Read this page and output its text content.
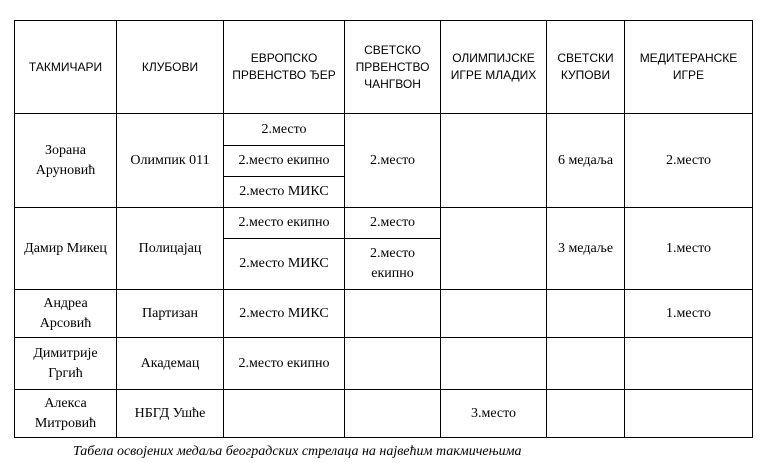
ТАКМИЧАРИ	КЛУБОВИ	ЕВРОПСКО ПРВЕНСТВО ЂЕР	СВЕТСКО ПРВЕНСТВО ЧАНГВОН	ОЛИМПИЈСКЕ ИГРЕ МЛАДИХ	СВЕТСКИ КУПОВИ	МЕДИТЕРАНСКЕ ИГРЕ
Зорана Аруновић	Олимпик 011	2.место	2.место		6 медаља	2.место
		2.место екипно				
		2.место МИКС				
Дамир Микец	Полицајац	2.место екипно	2.место		3 медаље	1.место
		2.место МИКС	2.место екипно			
Андреа Арсовић	Партизан	2.место МИКС				1.место
Димитрије Гргић	Академац	2.место екипно				
Алекса Митровић	НБГД Ушће			3.место		
Табела освојених медаља београдских стрелаца на највећим такмичењима
